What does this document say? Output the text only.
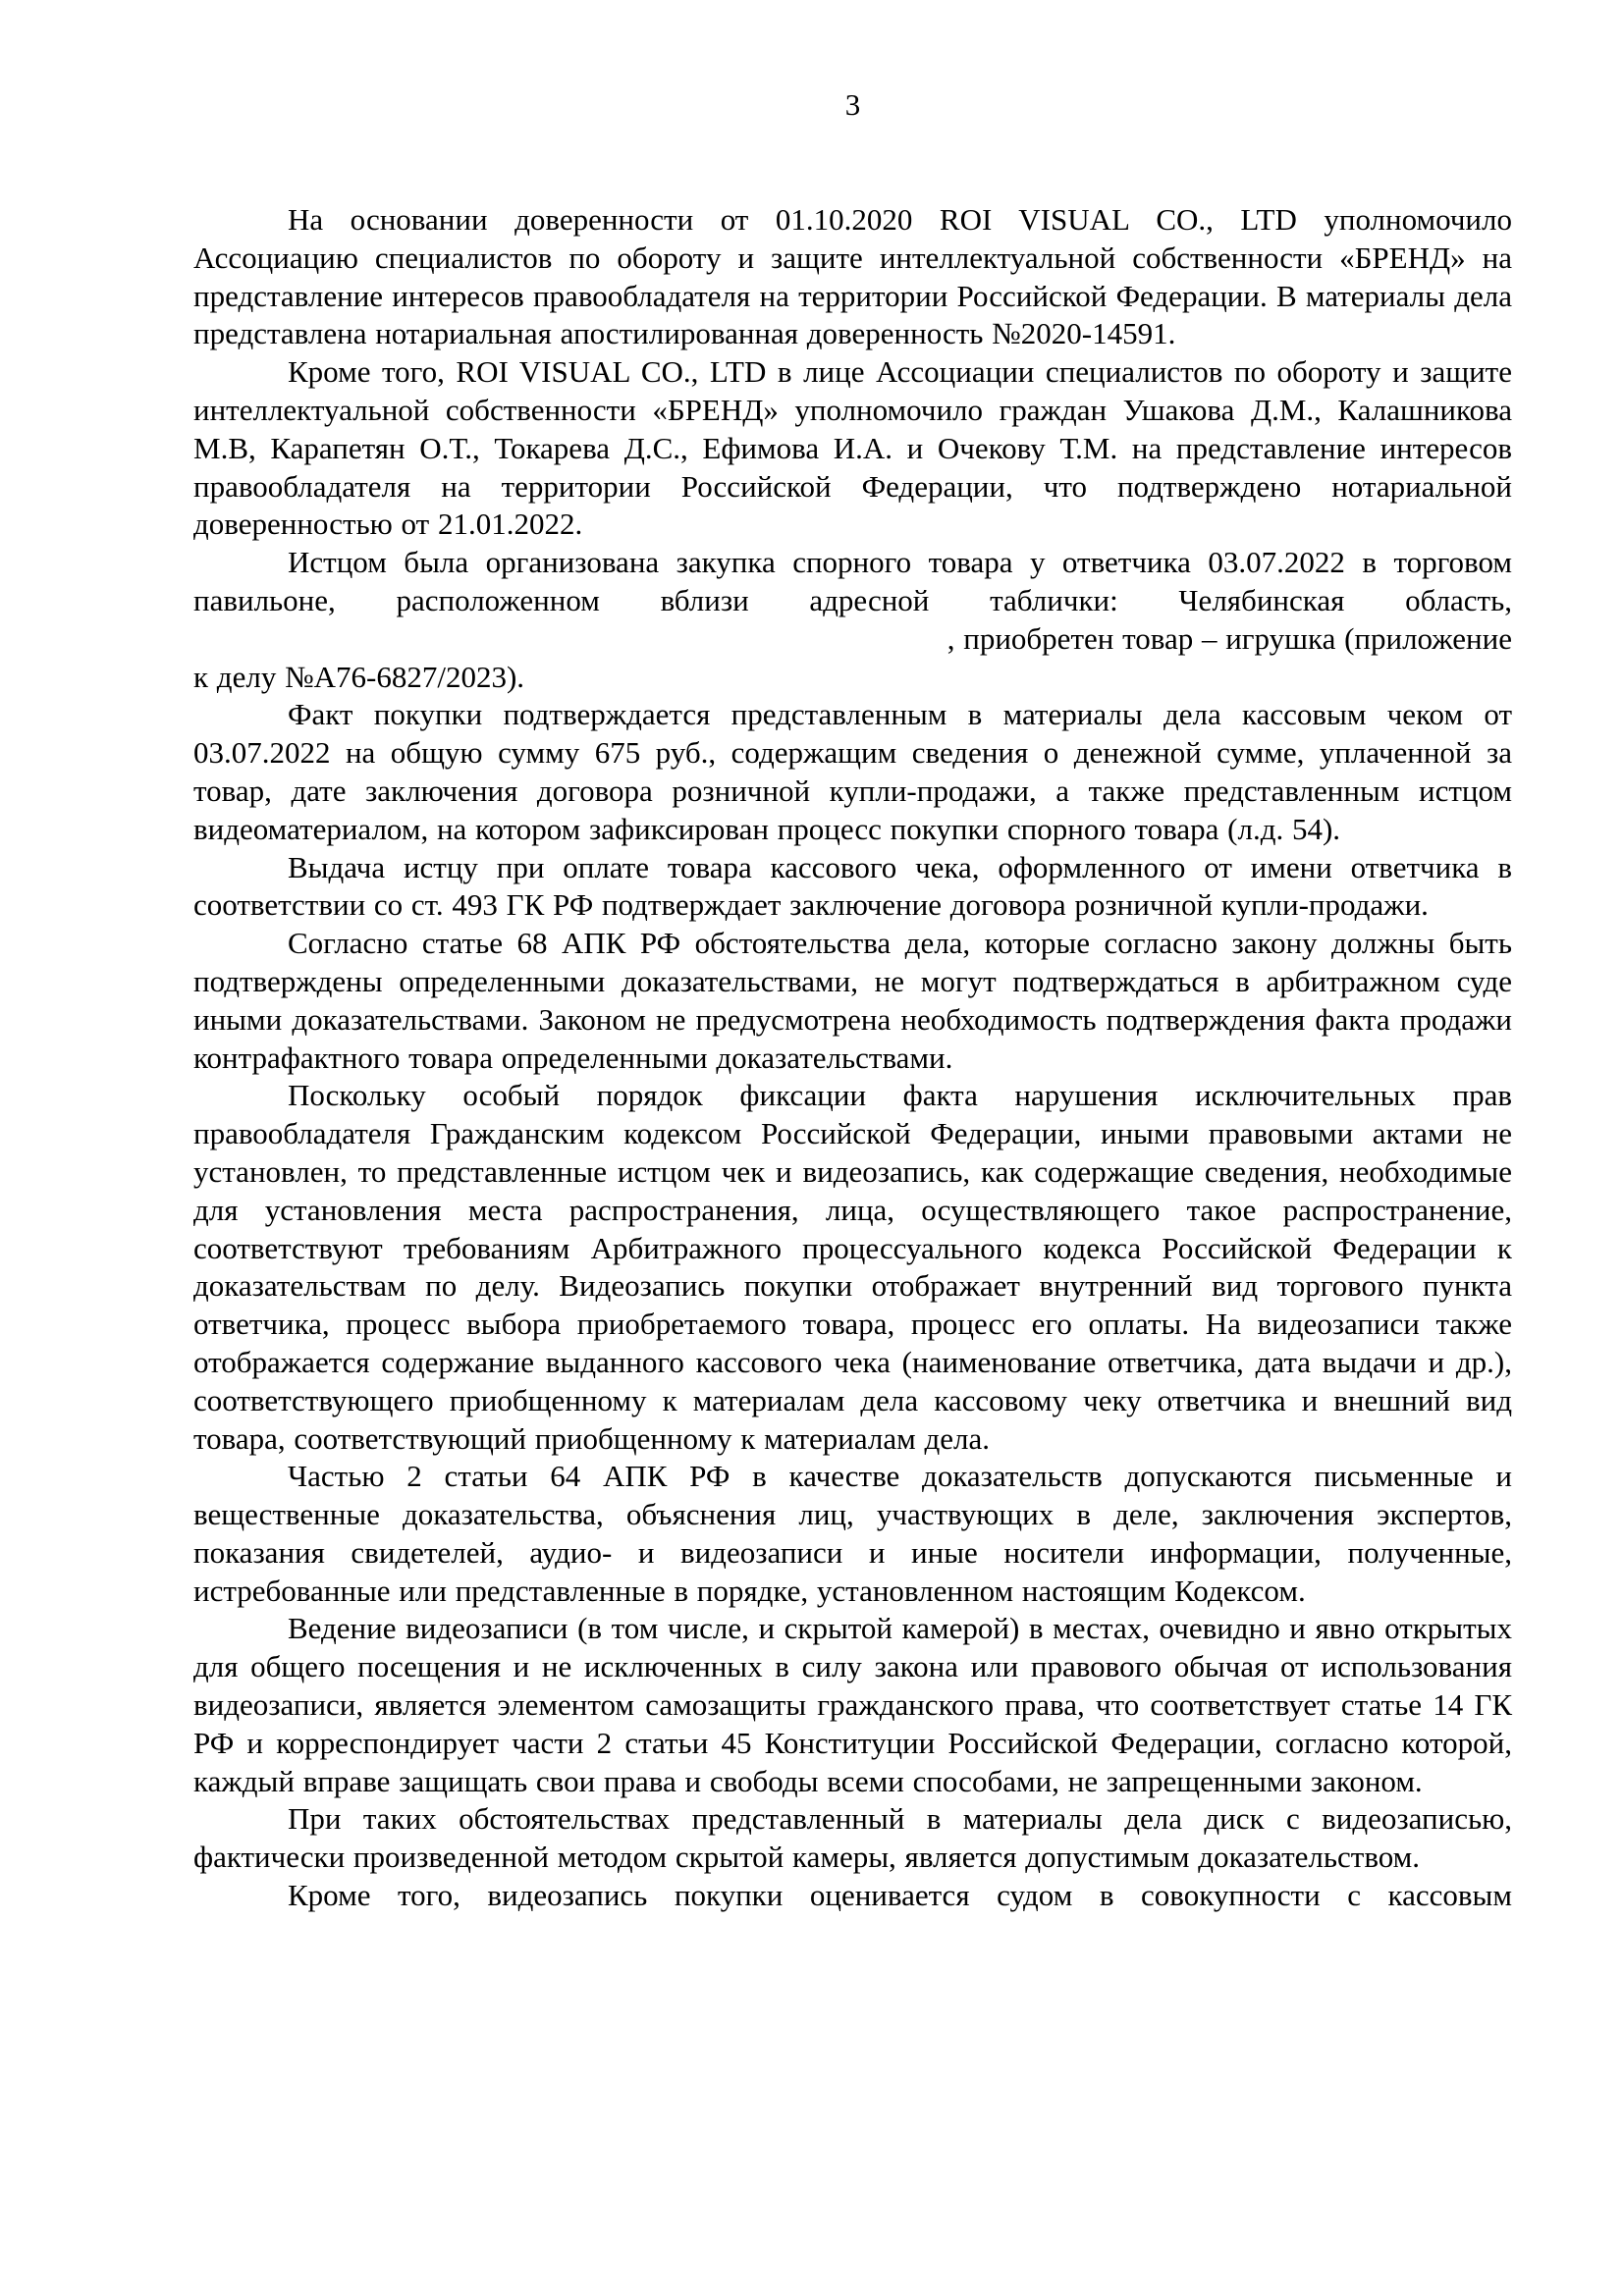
3
На основании доверенности от 01.10.2020 ROI VISUAL CO., LTD уполномочило Ассоциацию специалистов по обороту и защите интеллектуальной собственности «БРЕНД» на представление интересов правообладателя на территории Российской Федерации. В материалы дела представлена нотариальная апостилированная доверенность №2020-14591.
Кроме того, ROI VISUAL CO., LTD в лице Ассоциации специалистов по обороту и защите интеллектуальной собственности «БРЕНД» уполномочило граждан Ушакова Д.М., Калашникова М.В, Карапетян О.Т., Токарева Д.С., Ефимова И.А. и Очекову Т.М. на представление интересов правообладателя на территории Российской Федерации, что подтверждено нотариальной доверенностью от 21.01.2022.
Истцом была организована закупка спорного товара у ответчика 03.07.2022 в торговом павильоне, расположенном вблизи адресной таблички: Челябинская область,
, приобретен товар – игрушка (приложение
к делу №А76-6827/2023).
Факт покупки подтверждается представленным в материалы дела кассовым чеком от 03.07.2022 на общую сумму 675 руб., содержащим сведения о денежной сумме, уплаченной за товар, дате заключения договора розничной купли-продажи, а также представленным истцом видеоматериалом, на котором зафиксирован процесс покупки спорного товара (л.д. 54).
Выдача истцу при оплате товара кассового чека, оформленного от имени ответчика в соответствии со ст. 493 ГК РФ подтверждает заключение договора розничной купли-продажи.
Согласно статье 68 АПК РФ обстоятельства дела, которые согласно закону должны быть подтверждены определенными доказательствами, не могут подтверждаться в арбитражном суде иными доказательствами. Законом не предусмотрена необходимость подтверждения факта продажи контрафактного товара определенными доказательствами.
Поскольку особый порядок фиксации факта нарушения исключительных прав правообладателя Гражданским кодексом Российской Федерации, иными правовыми актами не установлен, то представленные истцом чек и видеозапись, как содержащие сведения, необходимые для установления места распространения, лица, осуществляющего такое распространение, соответствуют требованиям Арбитражного процессуального кодекса Российской Федерации к доказательствам по делу. Видеозапись покупки отображает внутренний вид торгового пункта ответчика, процесс выбора приобретаемого товара, процесс его оплаты. На видеозаписи также отображается содержание выданного кассового чека (наименование ответчика, дата выдачи и др.), соответствующего приобщенному к материалам дела кассовому чеку ответчика и внешний вид товара, соответствующий приобщенному к материалам дела.
Частью 2 статьи 64 АПК РФ в качестве доказательств допускаются письменные и вещественные доказательства, объяснения лиц, участвующих в деле, заключения экспертов, показания свидетелей, аудио- и видеозаписи и иные носители информации, полученные, истребованные или представленные в порядке, установленном настоящим Кодексом.
Ведение видеозаписи (в том числе, и скрытой камерой) в местах, очевидно и явно открытых для общего посещения и не исключенных в силу закона или правового обычая от использования видеозаписи, является элементом самозащиты гражданского права, что соответствует статье 14 ГК РФ и корреспондирует части 2 статьи 45 Конституции Российской Федерации, согласно которой, каждый вправе защищать свои права и свободы всеми способами, не запрещенными законом.
При таких обстоятельствах представленный в материалы дела диск с видеозаписью, фактически произведенной методом скрытой камеры, является допустимым доказательством.
Кроме того, видеозапись покупки оценивается судом в совокупности с кассовым
